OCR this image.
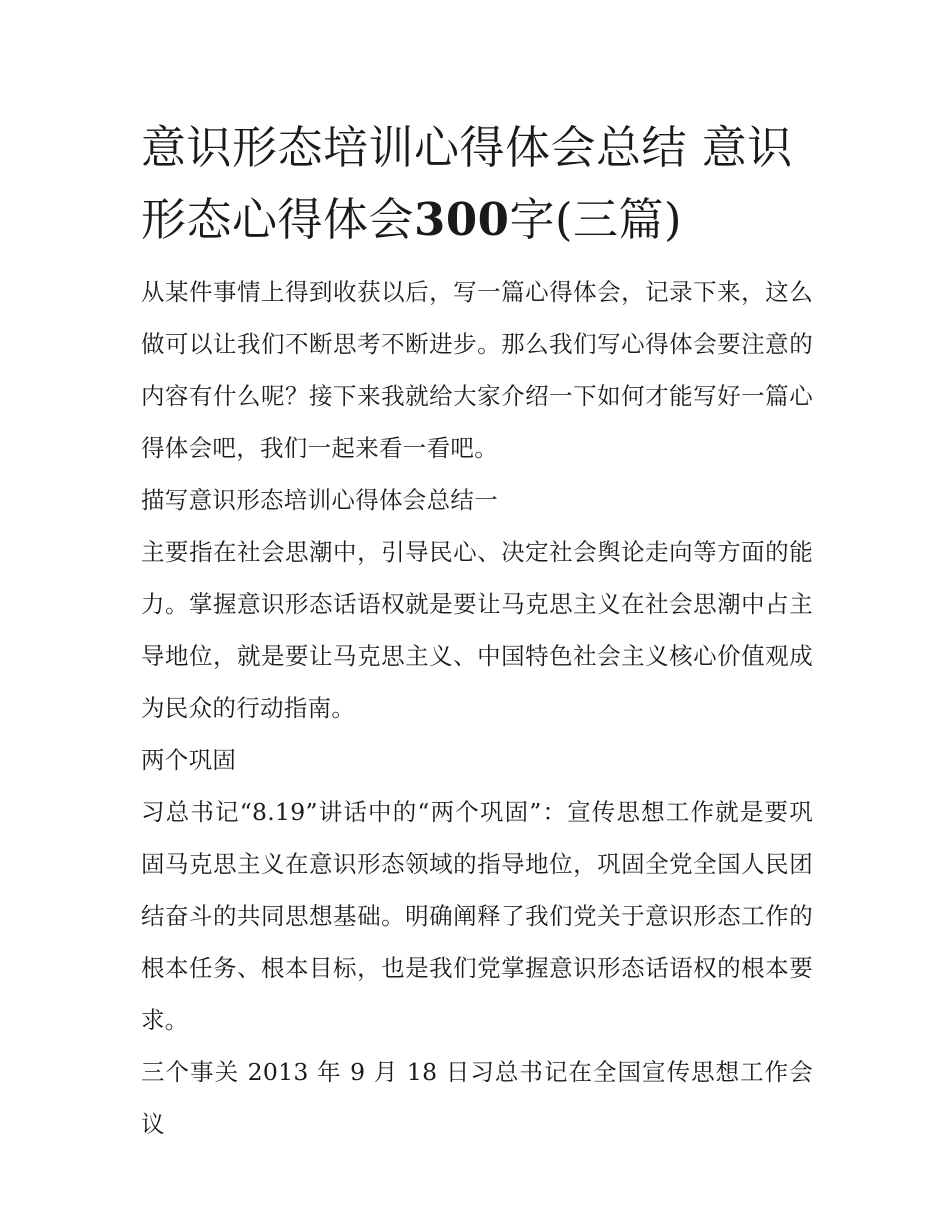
意识形态培训心得体会总结 意识形态心得体会300字(三篇)

从某件事情上得到收获以后，写一篇心得体会，记录下来，这么做可以让我们不断思考不断进步。那么我们写心得体会要注意的内容有什么呢？接下来我就给大家介绍一下如何才能写好一篇心得体会吧，我们一起来看一看吧。

描写意识形态培训心得体会总结一

主要指在社会思潮中，引导民心、决定社会舆论走向等方面的能力。掌握意识形态话语权就是要让马克思主义在社会思潮中占主导地位，就是要让马克思主义、中国特色社会主义核心价值观成为民众的行动指南。

两个巩固

习总书记“8.19”讲话中的“两个巩固”：宣传思想工作就是要巩固马克思主义在意识形态领域的指导地位，巩固全党全国人民团结奋斗的共同思想基础。明确阐释了我们党关于意识形态工作的根本任务、根本目标，也是我们党掌握意识形态话语权的根本要求。

三个事关 2013 年 9 月 18 日习总书记在全国宣传思想工作会议
